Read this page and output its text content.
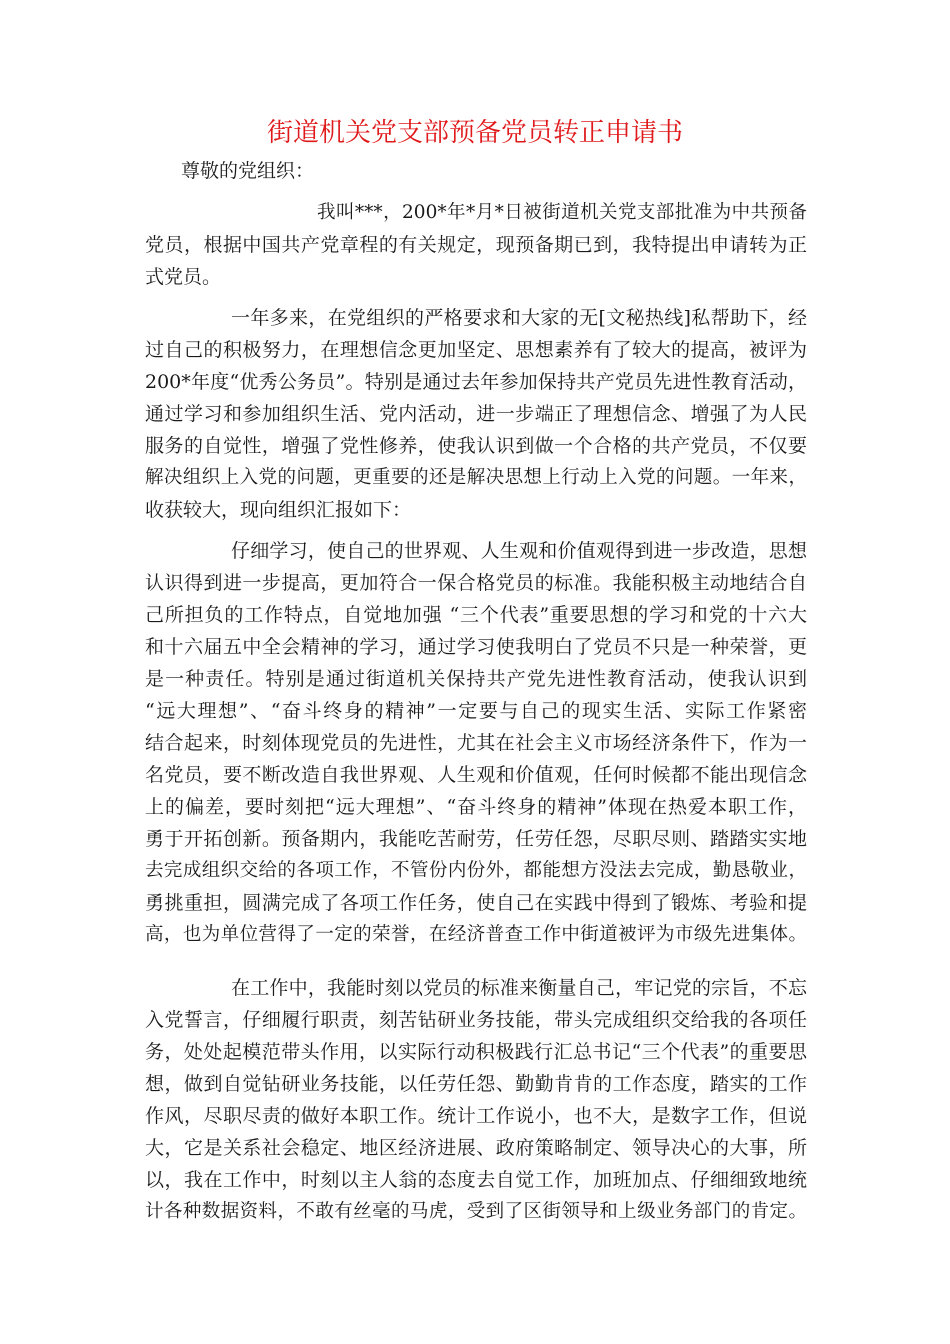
街道机关党支部预备党员转正申请书
尊敬的党组织：
我叫***，200*年*月*日被街道机关党支部批准为中共预备
党员，根据中国共产党章程的有关规定，现预备期已到，我特提出申请转为正
式党员。
一年多来，在党组织的严格要求和大家的无[文秘热线]私帮助下，经
过自己的积极努力，在理想信念更加坚定、思想素养有了较大的提高，被评为
200*年度“优秀公务员”。特别是通过去年参加保持共产党员先进性教育活动，
通过学习和参加组织生活、党内活动，进一步端正了理想信念、增强了为人民
服务的自觉性，增强了党性修养，使我认识到做一个合格的共产党员，不仅要
解决组织上入党的问题，更重要的还是解决思想上行动上入党的问题。一年来，
收获较大，现向组织汇报如下：
仔细学习，使自己的世界观、人生观和价值观得到进一步改造，思想
认识得到进一步提高，更加符合一保合格党员的标准。我能积极主动地结合自
己所担负的工作特点，自觉地加强 “三个代表”重要思想的学习和党的十六大
和十六届五中全会精神的学习，通过学习使我明白了党员不只是一种荣誉，更
是一种责任。特别是通过街道机关保持共产党先进性教育活动，使我认识到
“远大理想”、“奋斗终身的精神”一定要与自己的现实生活、实际工作紧密
结合起来，时刻体现党员的先进性，尤其在社会主义市场经济条件下，作为一
名党员，要不断改造自我世界观、人生观和价值观，任何时候都不能出现信念
上的偏差，要时刻把“远大理想”、“奋斗终身的精神”体现在热爱本职工作，
勇于开拓创新。预备期内，我能吃苦耐劳，任劳任怨，尽职尽则、踏踏实实地
去完成组织交给的各项工作，不管份内份外，都能想方没法去完成，勤恳敬业，
勇挑重担，圆满完成了各项工作任务，使自己在实践中得到了锻炼、考验和提
高，也为单位营得了一定的荣誉，在经济普查工作中街道被评为市级先进集体。
在工作中，我能时刻以党员的标准来衡量自己，牢记党的宗旨，不忘
入党誓言，仔细履行职责，刻苦钻研业务技能，带头完成组织交给我的各项任
务，处处起模范带头作用，以实际行动积极践行汇总书记“三个代表”的重要思
想，做到自觉钻研业务技能，以任劳任怨、勤勤肯肯的工作态度，踏实的工作
作风，尽职尽责的做好本职工作。统计工作说小，也不大，是数字工作，但说
大，它是关系社会稳定、地区经济进展、政府策略制定、领导决心的大事，所
以，我在工作中，时刻以主人翁的态度去自觉工作，加班加点、仔细细致地统
计各种数据资料，不敢有丝毫的马虎，受到了区街领导和上级业务部门的肯定。
